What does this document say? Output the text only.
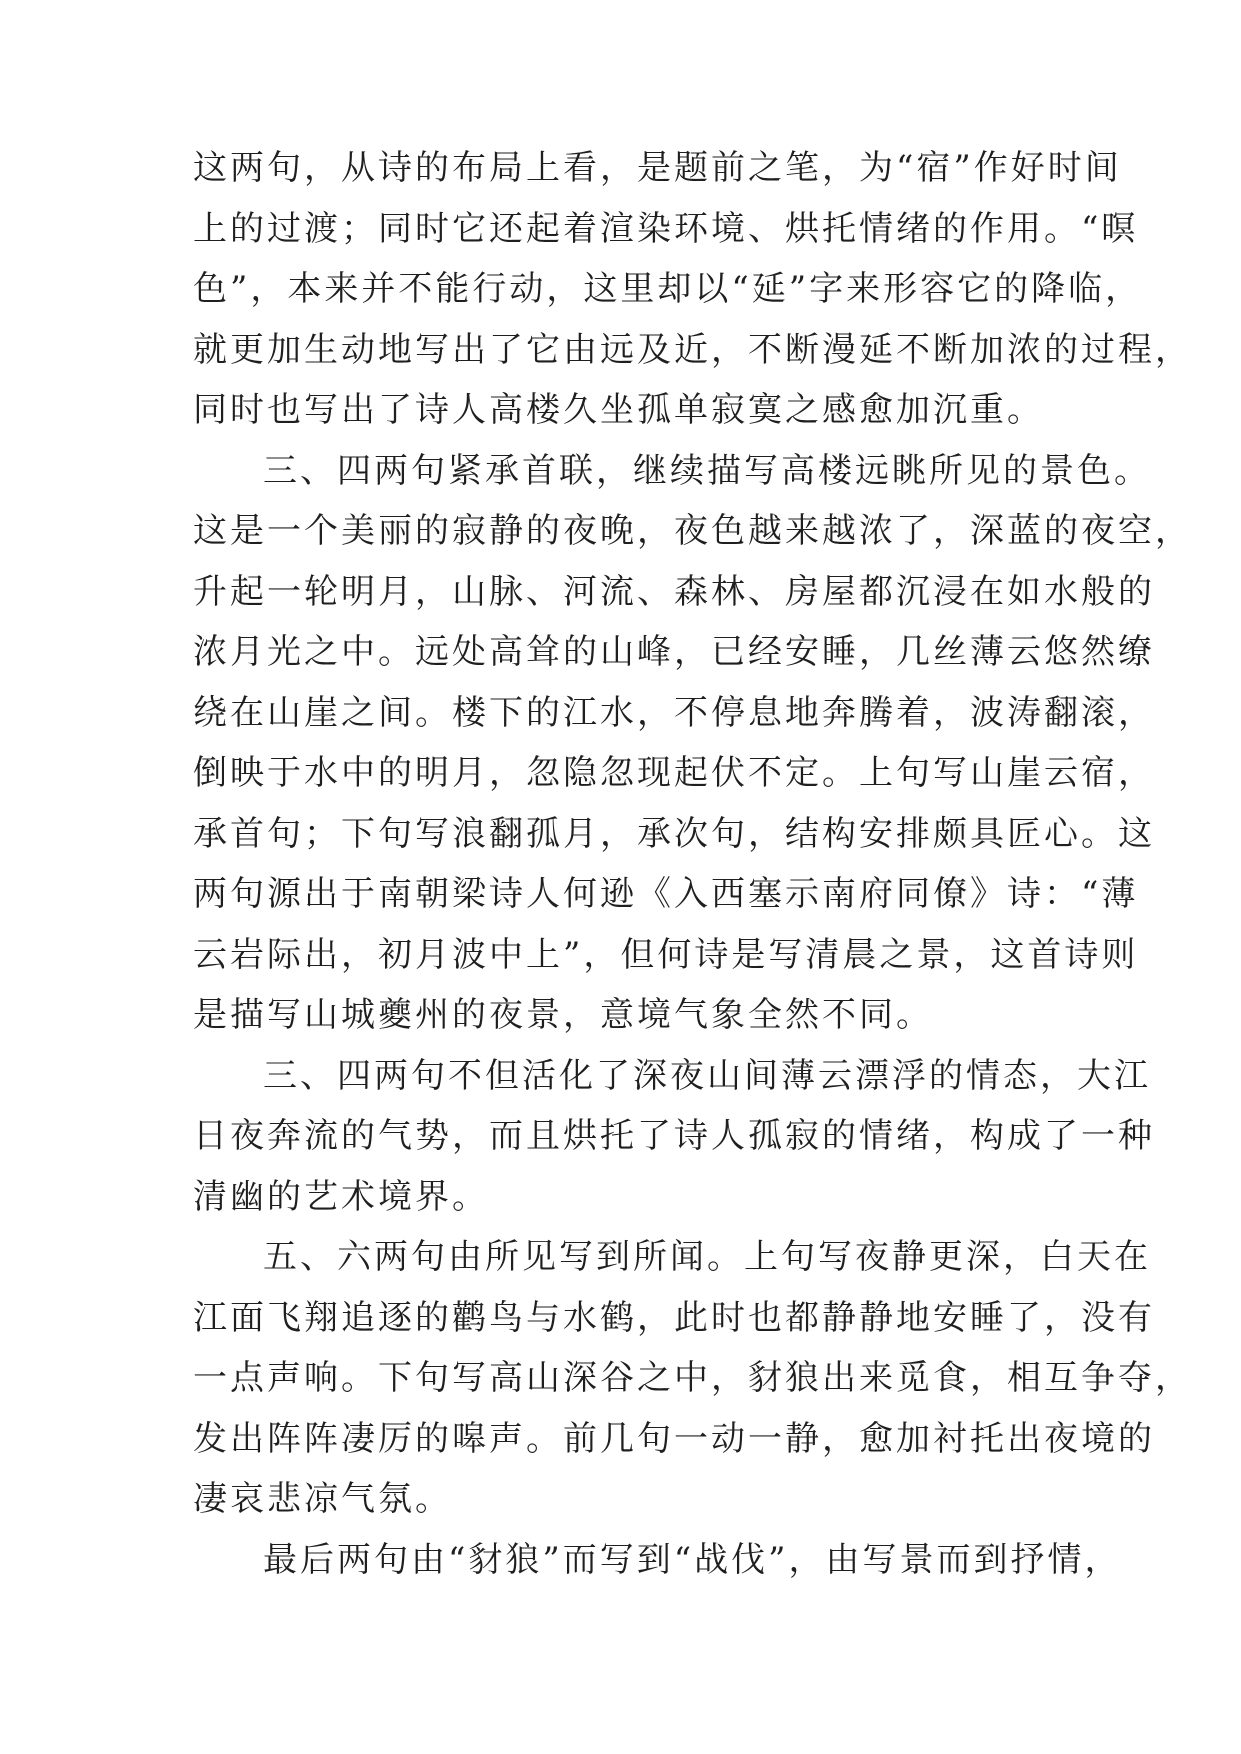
这两句，从诗的布局上看，是题前之笔，为“宿”作好时间
上的过渡；同时它还起着渲染环境、烘托情绪的作用。“暝
色”，本来并不能行动，这里却以“延”字来形容它的降临，
就更加生动地写出了它由远及近，不断漫延不断加浓的过程，
同时也写出了诗人高楼久坐孤单寂寞之感愈加沉重。
三、四两句紧承首联，继续描写高楼远眺所见的景色。
这是一个美丽的寂静的夜晚，夜色越来越浓了，深蓝的夜空，
升起一轮明月，山脉、河流、森林、房屋都沉浸在如水般的
浓月光之中。远处高耸的山峰，已经安睡，几丝薄云悠然缭
绕在山崖之间。楼下的江水，不停息地奔腾着，波涛翻滚，
倒映于水中的明月，忽隐忽现起伏不定。上句写山崖云宿，
承首句；下句写浪翻孤月，承次句，结构安排颇具匠心。这
两句源出于南朝梁诗人何逊《入西塞示南府同僚》诗：“薄
云岩际出，初月波中上”，但何诗是写清晨之景，这首诗则
是描写山城夔州的夜景，意境气象全然不同。
三、四两句不但活化了深夜山间薄云漂浮的情态，大江
日夜奔流的气势，而且烘托了诗人孤寂的情绪，构成了一种
清幽的艺术境界。
五、六两句由所见写到所闻。上句写夜静更深，白天在
江面飞翔追逐的鹳鸟与水鹤，此时也都静静地安睡了，没有
一点声响。下句写高山深谷之中，豺狼出来觅食，相互争夺，
发出阵阵凄厉的嗥声。前几句一动一静，愈加衬托出夜境的
凄哀悲凉气氛。
最后两句由“豺狼”而写到“战伐”，由写景而到抒情，
